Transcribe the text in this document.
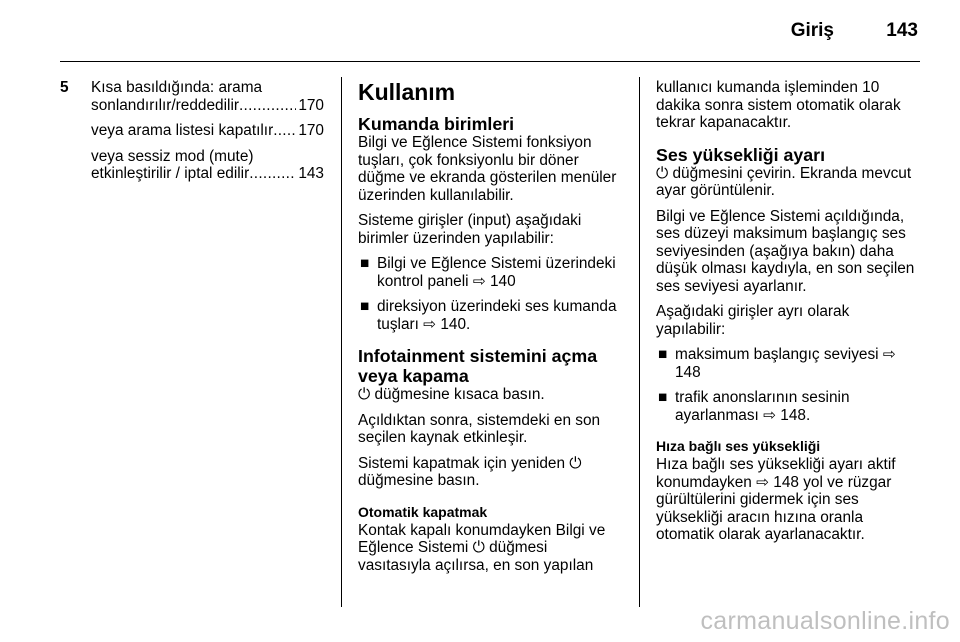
Giriş	143
5 Kısa basıldığında: arama
sonlandırılır/reddedilir . . .	170

veya arama listesi kapatılır . . . 170

veya sessiz mod (mute)
etkinleştirilir / iptal edilir . . .	143

Kullanım
Kumanda birimleri

Bilgi ve Eğlence Sistemi fonksiyon tuşları, çok fonksiyonlu bir döner düğme ve ekranda gösterilen menüler üzerinden kullanılabilir.

Sisteme girişler (input) aşağıdaki birimler üzerinden yapılabilir:

■ Bilgi ve Eğlence Sistemi üzerindeki kontrol paneli ⇨ 140
■ direksiyon üzerindeki ses kumanda tuşları ⇨ 140.
Infotainment sistemini açma veya kapama

⏻ düğmesine kısaca basın.

Açıldıktan sonra, sistemdeki en son seçilen kaynak etkinleşir.

Sistemi kapatmak için yeniden ⏻ düğmesine basın.

Otomatik kapatmak

Kontak kapalı konumdayken Bilgi ve Eğlence Sistemi ⏻ düğmesi vasıtasıyla açılırsa, en son yapılan

kullanıcı kumanda işleminden 10 dakika sonra sistem otomatik olarak tekrar kapanacaktır.

Ses yüksekliği ayarı

⏻ düğmesini çevirin. Ekranda mevcut ayar görüntülenir.

Bilgi ve Eğlence Sistemi açıldığında, ses düzeyi maksimum başlangıç ses seviyesinden (aşağıya bakın) daha düşük olması kaydıyla, en son seçilen ses seviyesi ayarlanır.

Aşağıdaki girişler ayrı olarak yapılabilir:

■ maksimum başlangıç seviyesi ⇨ 148
■ trafik anonslarının sesinin ayarlanması ⇨ 148.
Hıza bağlı ses yüksekliği

Hıza bağlı ses yüksekliği ayarı aktif konumdayken ⇨ 148 yol ve rüzgar gürültülerini gidermek için ses yüksekliği aracın hızına oranla otomatik olarak ayarlanacaktır.

carmanualsonline.info
